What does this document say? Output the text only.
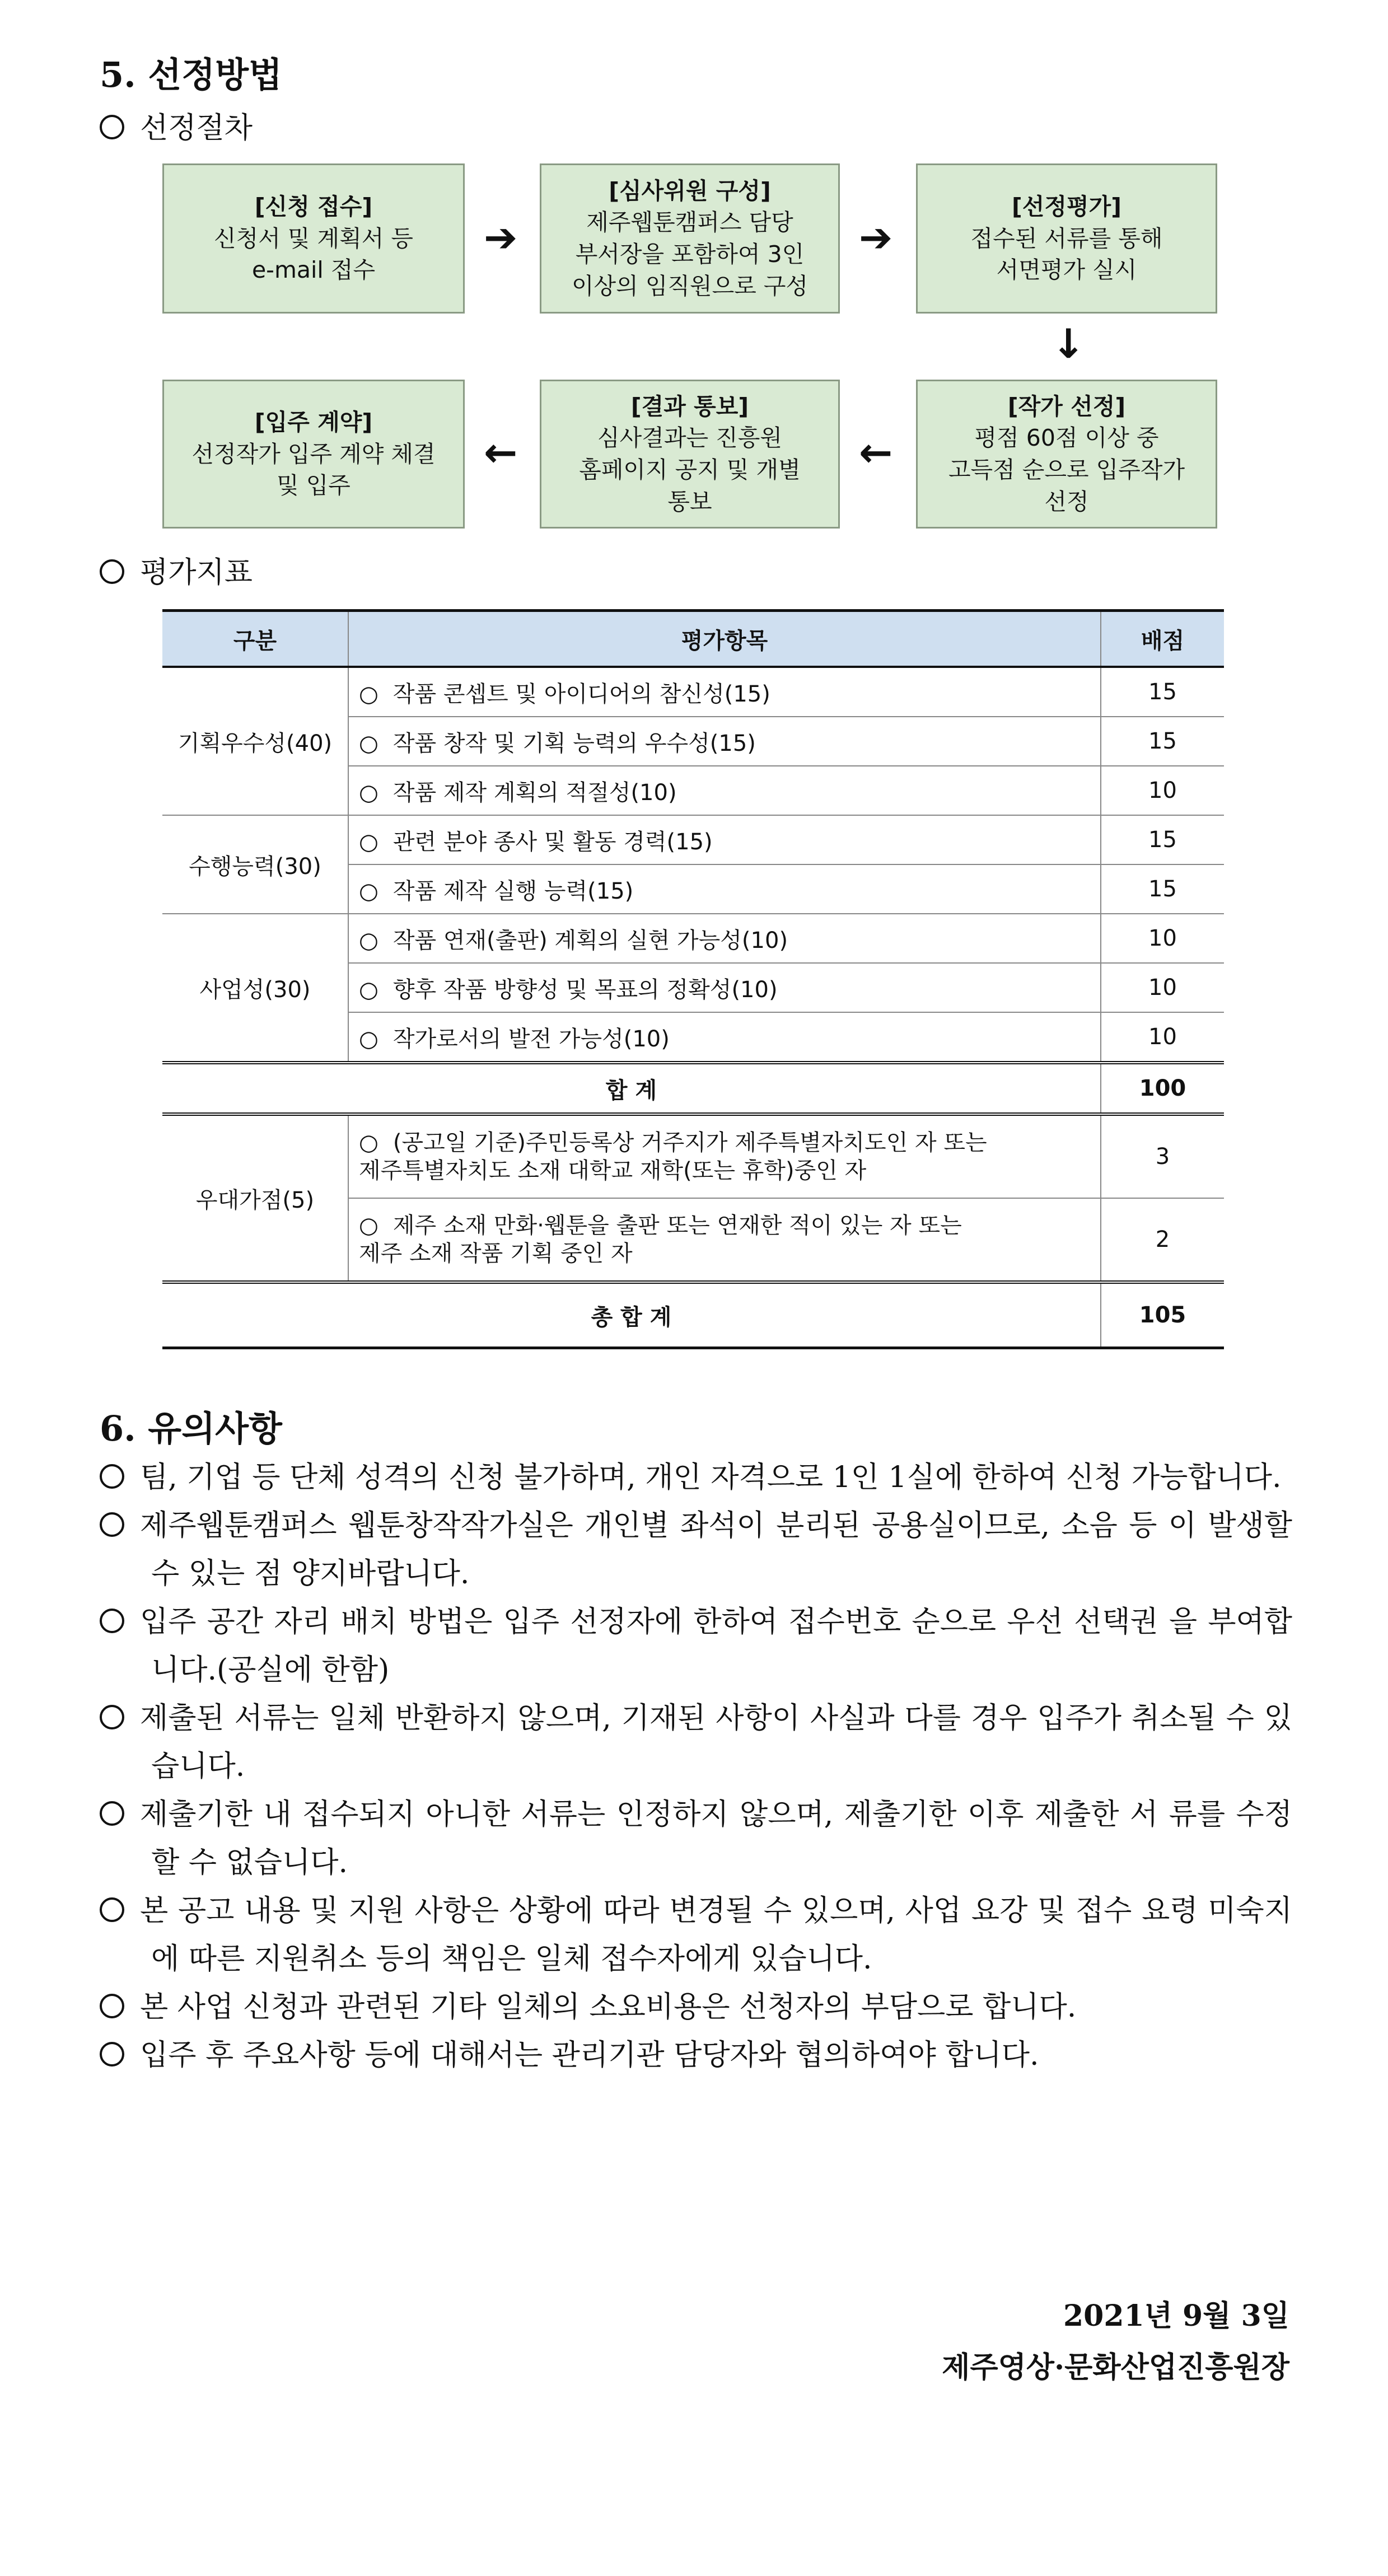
5. 선정방법
선정절차
[신청 접수]
신청서 및 계획서 등
e-mail 접수
➔
[심사위원 구성]
제주웹툰캠퍼스 담당
부서장을 포함하여 3인
이상의 임직원으로 구성
➔
[선정평가]
접수된 서류를 통해
서면평가 실시
↓
[입주 계약]
선정작가 입주 계약 체결
및 입주
←
[결과 통보]
심사결과는 진흥원
홈페이지 공지 및 개별
통보
←
[작가 선정]
평점 60점 이상 중
고득점 순으로 입주작가
선정
평가지표
구분	평가항목	배점
기획우수성(40)	○ 작품 콘셉트 및 아이디어의 참신성(15)	15
	○ 작품 창작 및 기획 능력의 우수성(15)	15
	○ 작품 제작 계획의 적절성(10)	10
수행능력(30)	○ 관련 분야 종사 및 활동 경력(15)	15
	○ 작품 제작 실행 능력(15)	15
사업성(30)	○ 작품 연재(출판) 계획의 실현 가능성(10)	10
	○ 향후 작품 방향성 및 목표의 정확성(10)	10
	○ 작가로서의 발전 가능성(10)	10
합 계		100
우대가점(5)	○ (공고일 기준)주민등록상 거주지가 제주특별자치도인 자 또는
제주특별자치도 소재 대학교 재학(또는 휴학)중인 자	3
	○ 제주 소재 만화·웹툰을 출판 또는 연재한 적이 있는 자 또는
제주 소재 작품 기획 중인 자	2
총 합 계		105
6. 유의사항
팀, 기업 등 단체 성격의 신청 불가하며, 개인 자격으로 1인 1실에 한하여 신청 가능합니다.
제주웹툰캠퍼스 웹툰창작작가실은 개인별 좌석이 분리된 공용실이므로, 소음 등 이 발생할 수 있는 점 양지바랍니다.
입주 공간 자리 배치 방법은 입주 선정자에 한하여 접수번호 순으로 우선 선택권 을 부여합니다.(공실에 한함)
제출된 서류는 일체 반환하지 않으며, 기재된 사항이 사실과 다를 경우 입주가 취소될 수 있습니다.
제출기한 내 접수되지 아니한 서류는 인정하지 않으며, 제출기한 이후 제출한 서 류를 수정할 수 없습니다.
본 공고 내용 및 지원 사항은 상황에 따라 변경될 수 있으며, 사업 요강 및 접수 요령 미숙지에 따른 지원취소 등의 책임은 일체 접수자에게 있습니다.
본 사업 신청과 관련된 기타 일체의 소요비용은 선청자의 부담으로 합니다.
입주 후 주요사항 등에 대해서는 관리기관 담당자와 협의하여야 합니다.
2021년 9월 3일
제주영상·문화산업진흥원장
